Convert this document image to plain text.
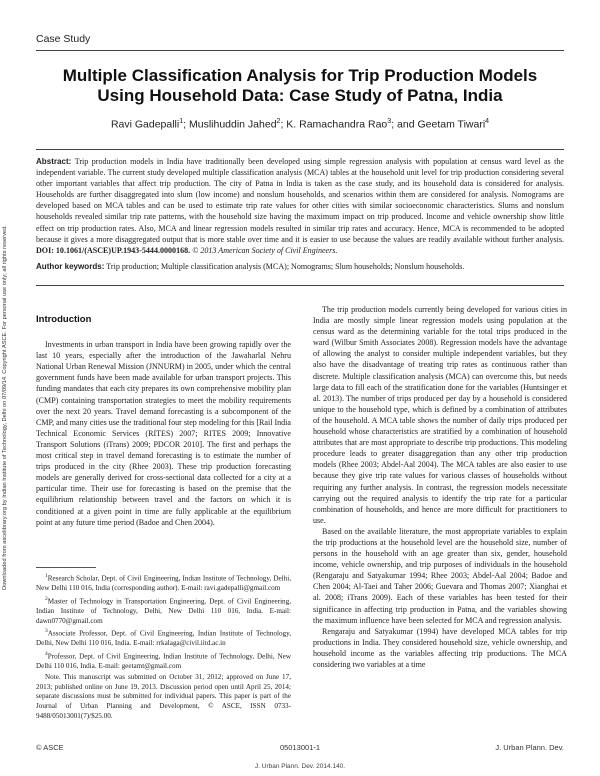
Case Study
Multiple Classification Analysis for Trip Production Models
Using Household Data: Case Study of Patna, India
Ravi Gadepalli$^1$; Muslihuddin Jahed$^2$; K. Ramachandra Rao$^3$; and Geetam Tiwari$^4$
Downloaded from ascelibrary.org by Indian Institute of Technology, Delhi on 07/09/14. Copyright ASCE. For personal use only; all rights reserved.
Abstract: Trip production models in India have traditionally been developed using simple regression analysis with population at census ward level as the independent variable. The current study developed multiple classification analysis (MCA) tables at the household unit level for trip production considering several other important variables that affect trip production. The city of Patna in India is taken as the case study, and its household data is considered for analysis. Households are further disaggregated into slum (low income) and nonslum households, and scenarios within them are considered for analysis. Nomograms are developed based on MCA tables and can be used to estimate trip rate values for other cities with similar socioeconomic characteristics. Slums and nonslum households revealed similar trip rate patterns, with the household size having the maximum impact on trip produced. Income and vehicle ownership show little effect on trip production rates. Also, MCA and linear regression models resulted in similar trip rates and accuracy. Hence, MCA is recommended to be adopted because it gives a more disaggregated output that is more stable over time and it is easier to use because the values are readily available without further analysis. DOI: 10.1061/(ASCE)UP.1943-5444.0000168. © 2013 American Society of Civil Engineers.
Author keywords: Trip production; Multiple classification analysis (MCA); Nomograms; Slum households; Nonslum households.
Introduction

Investments in urban transport in India have been growing rapidly over the last 10 years, especially after the introduction of the Jawaharlal Nehru National Urban Renewal Mission (JNNURM) in 2005, under which the central government funds have been made available for urban transport projects. This funding mandates that each city prepares its own comprehensive mobility plan (CMP) containing transportation strategies to meet the mobility requirements over the next 20 years. Travel demand forecasting is a subcomponent of the CMP, and many cities use the traditional four step modeling for this [Rail India Technical Economic Services (RITES) 2007; RITES 2009; Innovative Transport Solutions (iTrans) 2009; PDCOR 2010]. The first and perhaps the most critical step in travel demand forecasting is to estimate the number of trips produced in the city (Rhee 2003). These trip production forecasting models are generally derived for cross-sectional data collected for a city at a particular time. Their use for forecasting is based on the premise that the equilibrium relationship between travel and the factors on which it is conditioned at a given point in time are fully applicable at the equilibrium point at any future time period (Badoe and Chen 2004).

$^1$Research Scholar, Dept. of Civil Engineering, Indian Institute of Technology, Delhi, New Delhi 110 016, India (corresponding author). E-mail: ravi.gadepalli@gmail.com

$^2$Master of Technology in Transportation Engineering, Dept. of Civil Engineering, Indian Institute of Technology, Delhi, New Delhi 110 016, India. E-mail: dawn0770@gmail.com

$^3$Associate Professor, Dept. of Civil Engineering, Indian Institute of Technology, Delhi, New Delhi 110 016, India. E-mail: rrkalaga@civil.iitd.ac.in

$^4$Professor, Dept. of Civil Engineering, Indian Institute of Technology, Delhi, New Delhi 110 016, India. E-mail: geetamt@gmail.com

Note. This manuscript was submitted on October 31, 2012; approved on June 17, 2013; published online on June 19, 2013. Discussion period open until April 25, 2014; separate discussions must be submitted for individual papers. This paper is part of the Journal of Urban Planning and Development, © ASCE, ISSN 0733-9488/05013001(7)/$25.00.

The trip production models currently being developed for various cities in India are mostly simple linear regression models using population at the census ward as the determining variable for the total trips produced in the ward (Wilbur Smith Associates 2008). Regression models have the advantage of allowing the analyst to consider multiple independent variables, but they also have the disadvantage of treating trip rates as continuous rather than discrete. Multiple classification analysis (MCA) can overcome this, but needs large data to fill each of the stratification done for the variables (Huntsinger et al. 2013). The number of trips produced per day by a household is considered unique to the household type, which is defined by a combination of attributes of the household. A MCA table shows the number of daily trips produced per household whose characteristics are stratified by a combination of household attributes that are most appropriate to describe trip productions. This modeling procedure leads to greater disaggregation than any other trip production models (Rhee 2003; Abdel-Aal 2004). The MCA tables are also easier to use because they give trip rate values for various classes of households without requiring any further analysis. In contrast, the regression models necessitate carrying out the required analysis to identify the trip rate for a particular combination of households, and hence are more difficult for practitioners to use.

Based on the available literature, the most appropriate variables to explain the trip productions at the household level are the household size, number of persons in the household with an age greater than six, gender, household income, vehicle ownership, and trip purposes of individuals in the household (Rengaraju and Satyakumar 1994; Rhee 2003; Abdel-Aal 2004; Badoe and Chen 2004; Al-Taei and Taher 2006; Guevara and Thomas 2007; Xianghai et al. 2008; iTrans 2009). Each of these variables has been tested for their significance in affecting trip production in Patna, and the variables showing the maximum influence have been selected for MCA and regression analysis.

Rengaraju and Satyakumar (1994) have developed MCA tables for trip productions in India. They considered household size, vehicle ownership, and household income as the variables affecting trip productions. The MCA considering two variables at a time

© ASCE	05013001-1	J. Urban Plann. Dev.
J. Urban Plann. Dev. 2014.140.
